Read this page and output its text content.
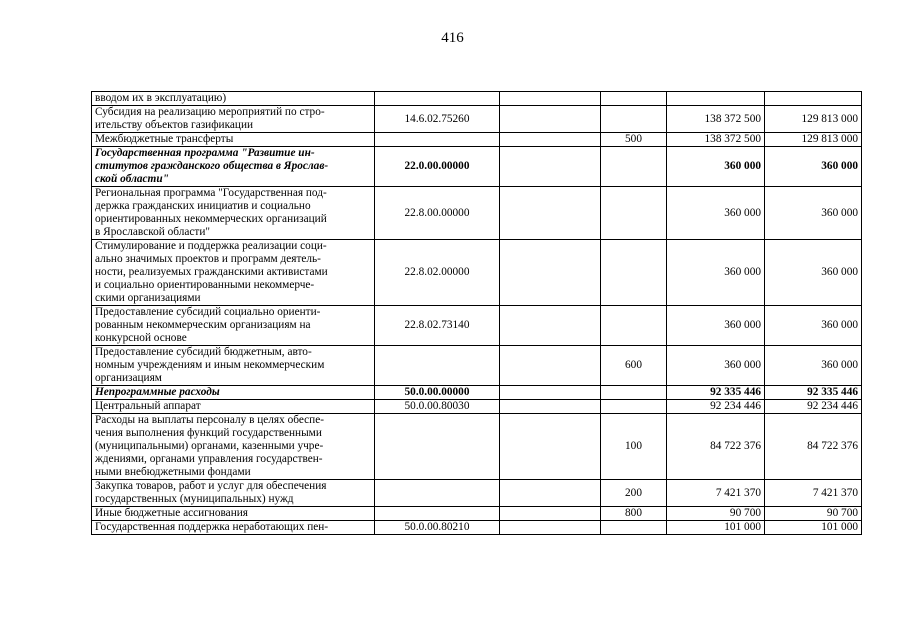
416
вводом их в эксплуатацию)					

Субсидия на реализацию мероприятий по стро-
ительству объектов газификации	14.6.02.75260			138 372 500	129 813 000

Межбюджетные трансферты			500	138 372 500	129 813 000

Государственная программа "Развитие ин-
ститутов гражданского общества в Ярослав-
ской области"	22.0.00.00000			360 000	360 000

Региональная программа "Государственная под-
держка гражданских инициатив и социально
ориентированных некоммерческих организаций
в Ярославской области"	22.8.00.00000			360 000	360 000

Стимулирование и поддержка реализации соци-
ально значимых проектов и программ деятель-
ности, реализуемых гражданскими активистами
и социально ориентированными некоммерче-
скими организациями	22.8.02.00000			360 000	360 000

Предоставление субсидий социально ориенти-
рованным некоммерческим организациям на
конкурсной основе	22.8.02.73140			360 000	360 000

Предоставление субсидий бюджетным, авто-
номным учреждениям и иным некоммерческим
организациям			600	360 000	360 000

Непрограммные расходы	50.0.00.00000			92 335 446	92 335 446

Центральный аппарат	50.0.00.80030			92 234 446	92 234 446

Расходы на выплаты персоналу в целях обеспе-
чения выполнения функций государственными
(муниципальными) органами, казенными учре-
ждениями, органами управления государствен-
ными внебюджетными фондами			100	84 722 376	84 722 376

Закупка товаров, работ и услуг для обеспечения
государственных (муниципальных) нужд			200	7 421 370	7 421 370

Иные бюджетные ассигнования			800	90 700	90 700

Государственная поддержка неработающих пен-	50.0.00.80210			101 000	101 000
